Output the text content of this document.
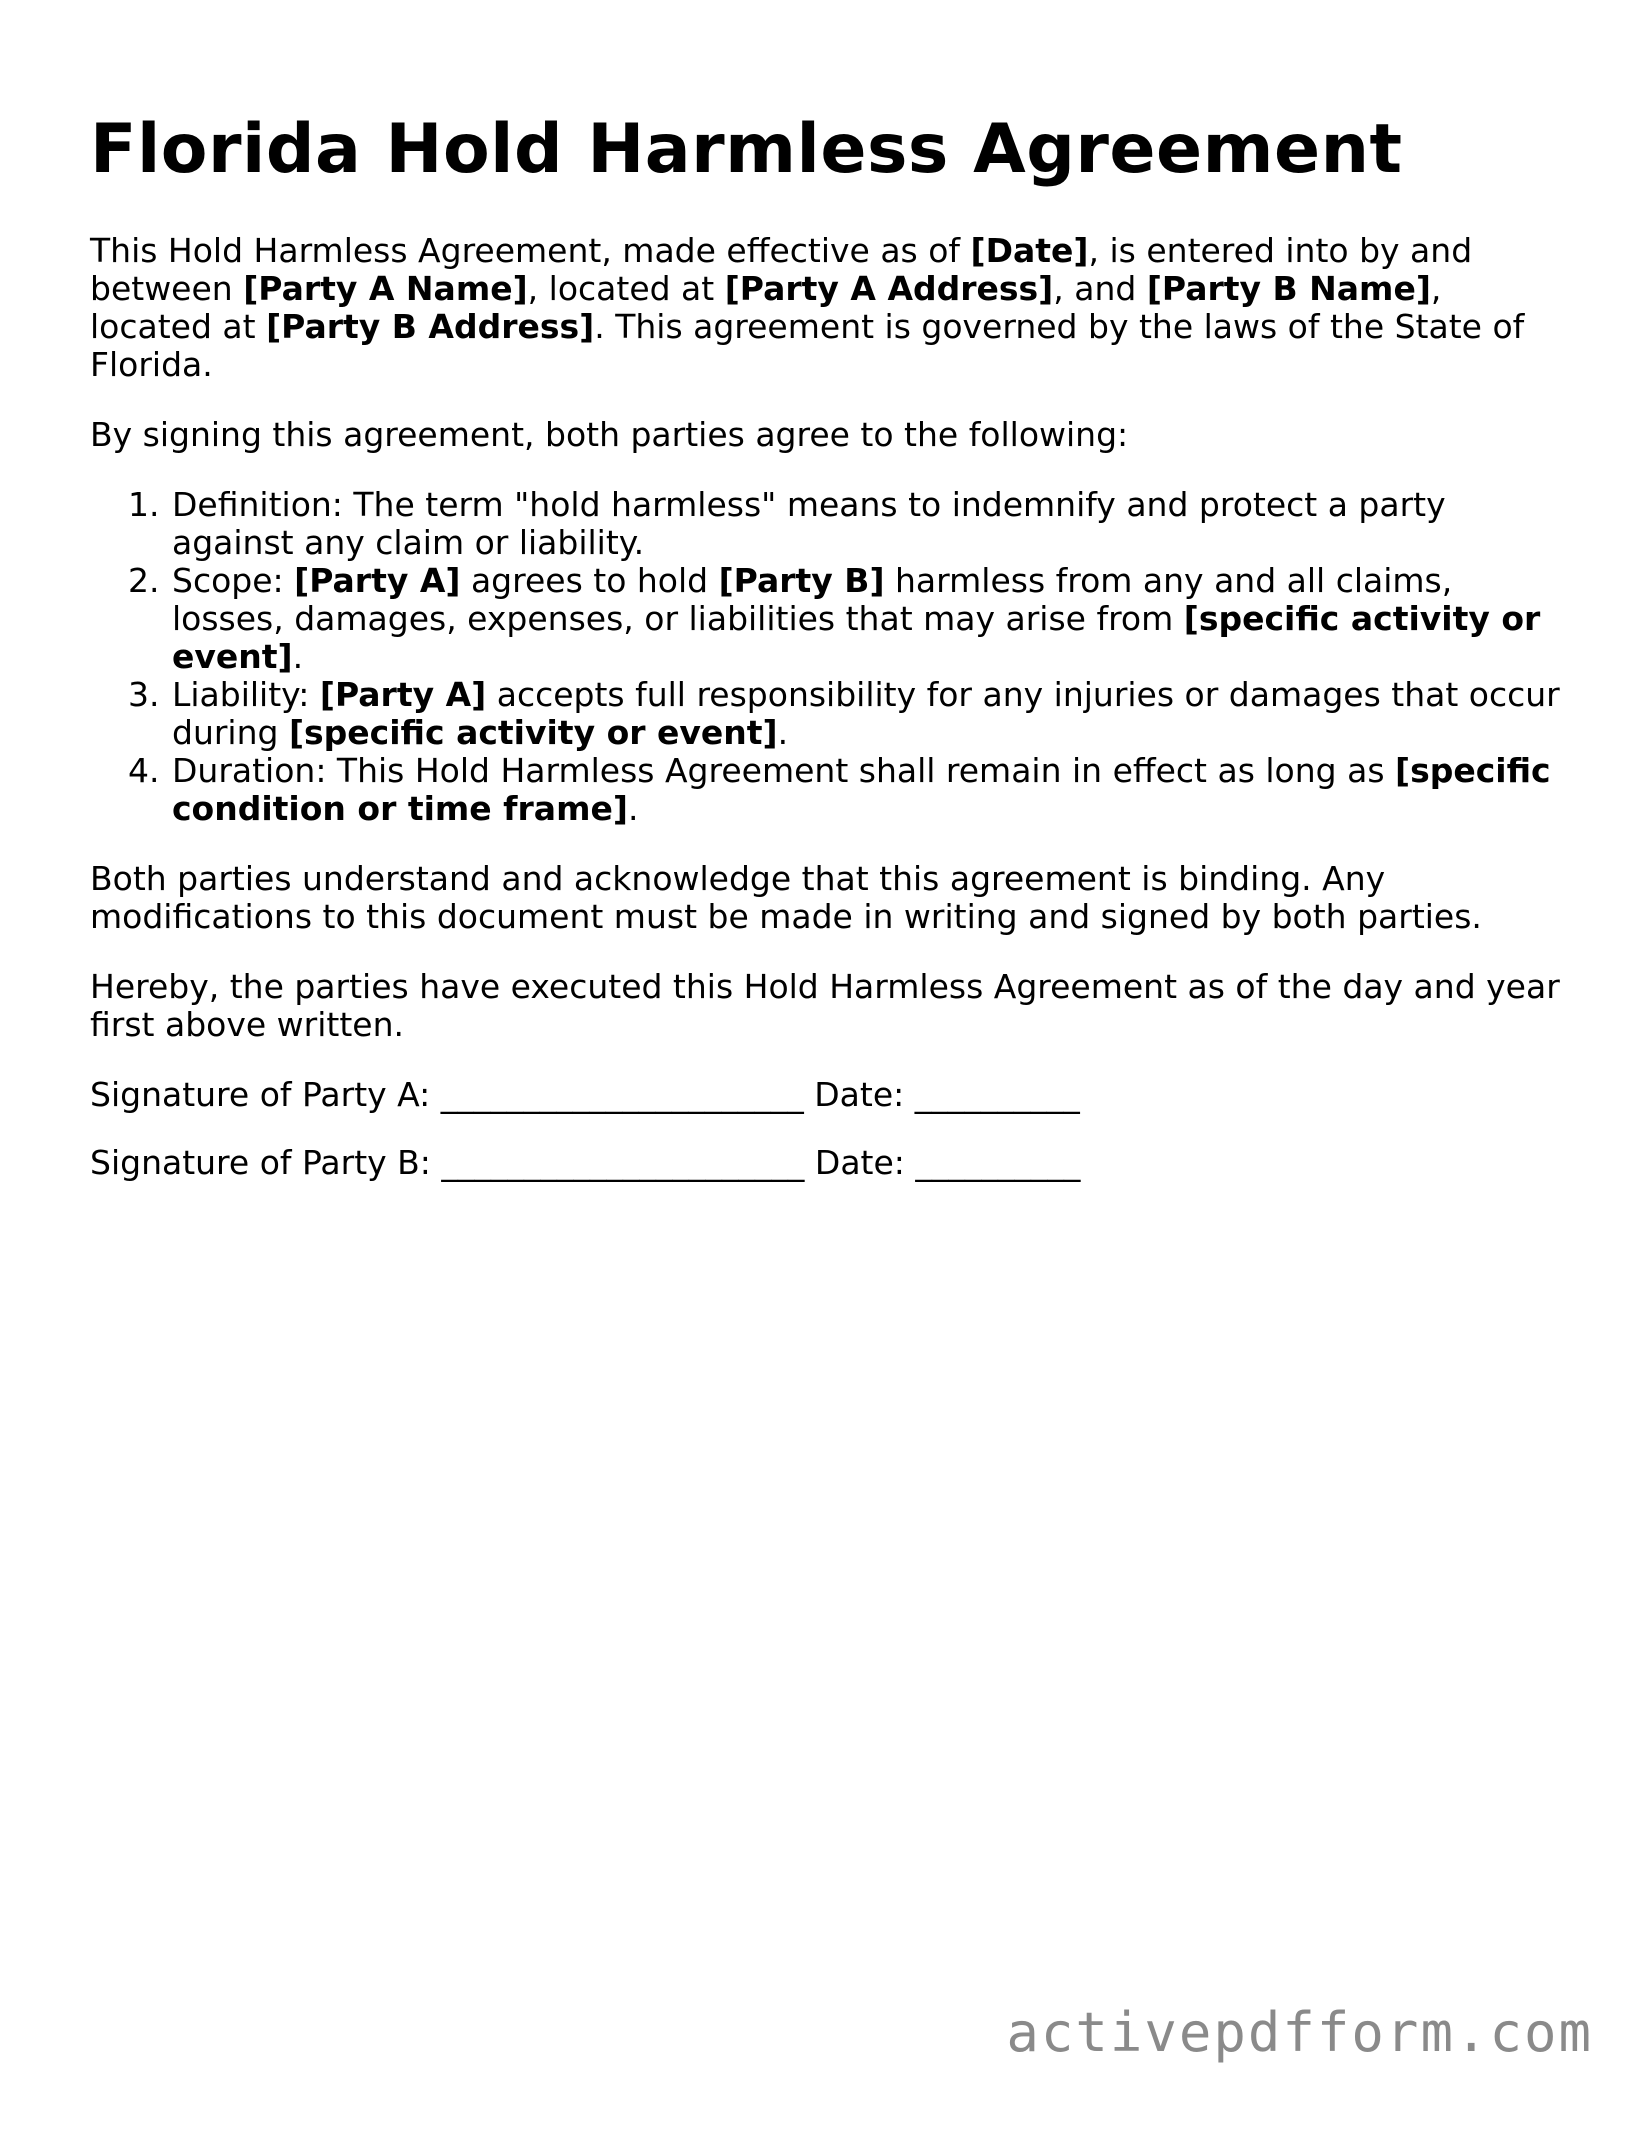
Florida Hold Harmless Agreement

This Hold Harmless Agreement, made effective as of [Date], is entered into by and between [Party A Name], located at [Party A Address], and [Party B Name], located at [Party B Address]. This agreement is governed by the laws of the State of Florida.

By signing this agreement, both parties agree to the following:

1. Definition: The term "hold harmless" means to indemnify and protect a party against any claim or liability.
2. Scope: [Party A] agrees to hold [Party B] harmless from any and all claims, losses, damages, expenses, or liabilities that may arise from [specific activity or event].
3. Liability: [Party A] accepts full responsibility for any injuries or damages that occur during [specific activity or event].
4. Duration: This Hold Harmless Agreement shall remain in effect as long as [specific condition or time frame].

Both parties understand and acknowledge that this agreement is binding. Any modifications to this document must be made in writing and signed by both parties.

Hereby, the parties have executed this Hold Harmless Agreement as of the day and year first above written.

Signature of Party A: ______________________ Date: __________

Signature of Party B: ______________________ Date: __________

activepdfform.com
